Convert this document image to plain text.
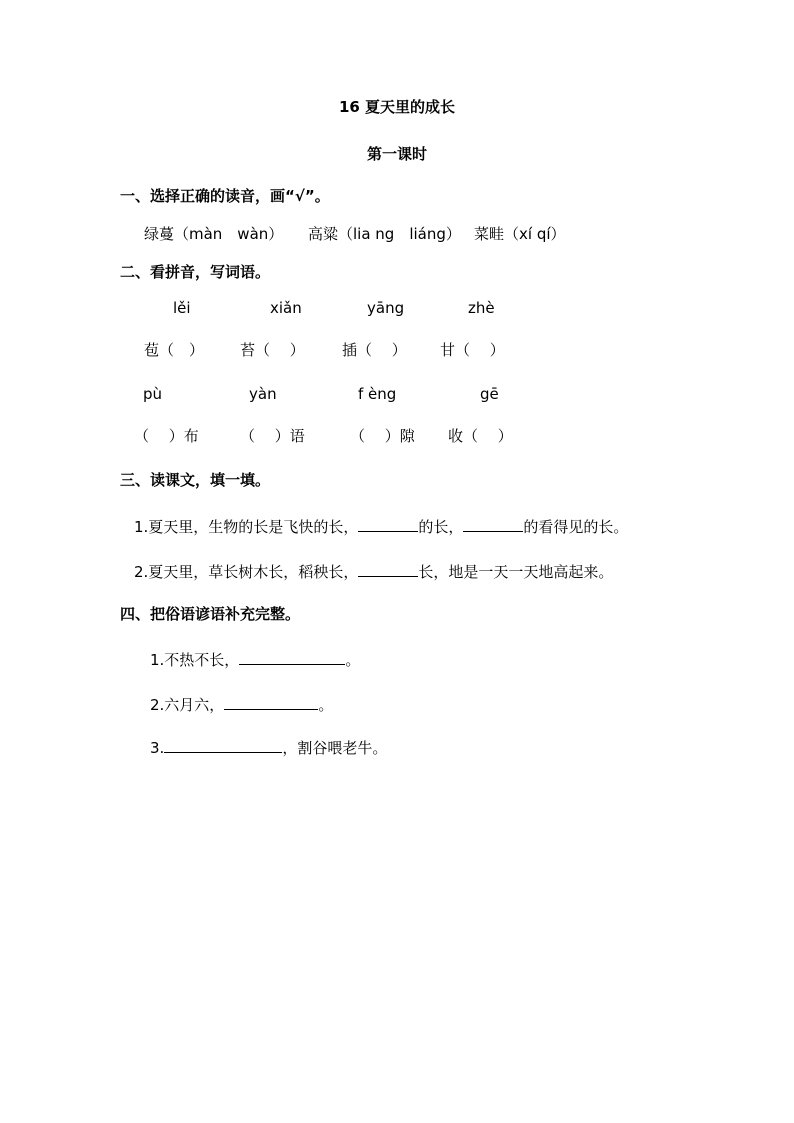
16 夏天里的成长
第一课时
一、选择正确的读音，画“√”。
绿蔓（màn　wàn） 高粱（lia ng　liáng） 菜畦（xí qí）
二、看拼音，写词语。
lěi	xiǎn	yāng	zhè
苞（　） 苔（　 ） 插（　 ） 甘（　 ）
pù	yàn	f èng	gē
（　 ）布	（　 ）语	（　 ）隙 收（　 ）
三、读课文，填一填。
1.夏天里，生物的长是飞快的长，	的长，	的看得见的长。
2.夏天里，草长树木长，稻秧长，	长，地是一天一天地高起来。
四、把俗语谚语补充完整。
1.不热不长，	。
2.六月六，	。
3.	，割谷喂老牛。
